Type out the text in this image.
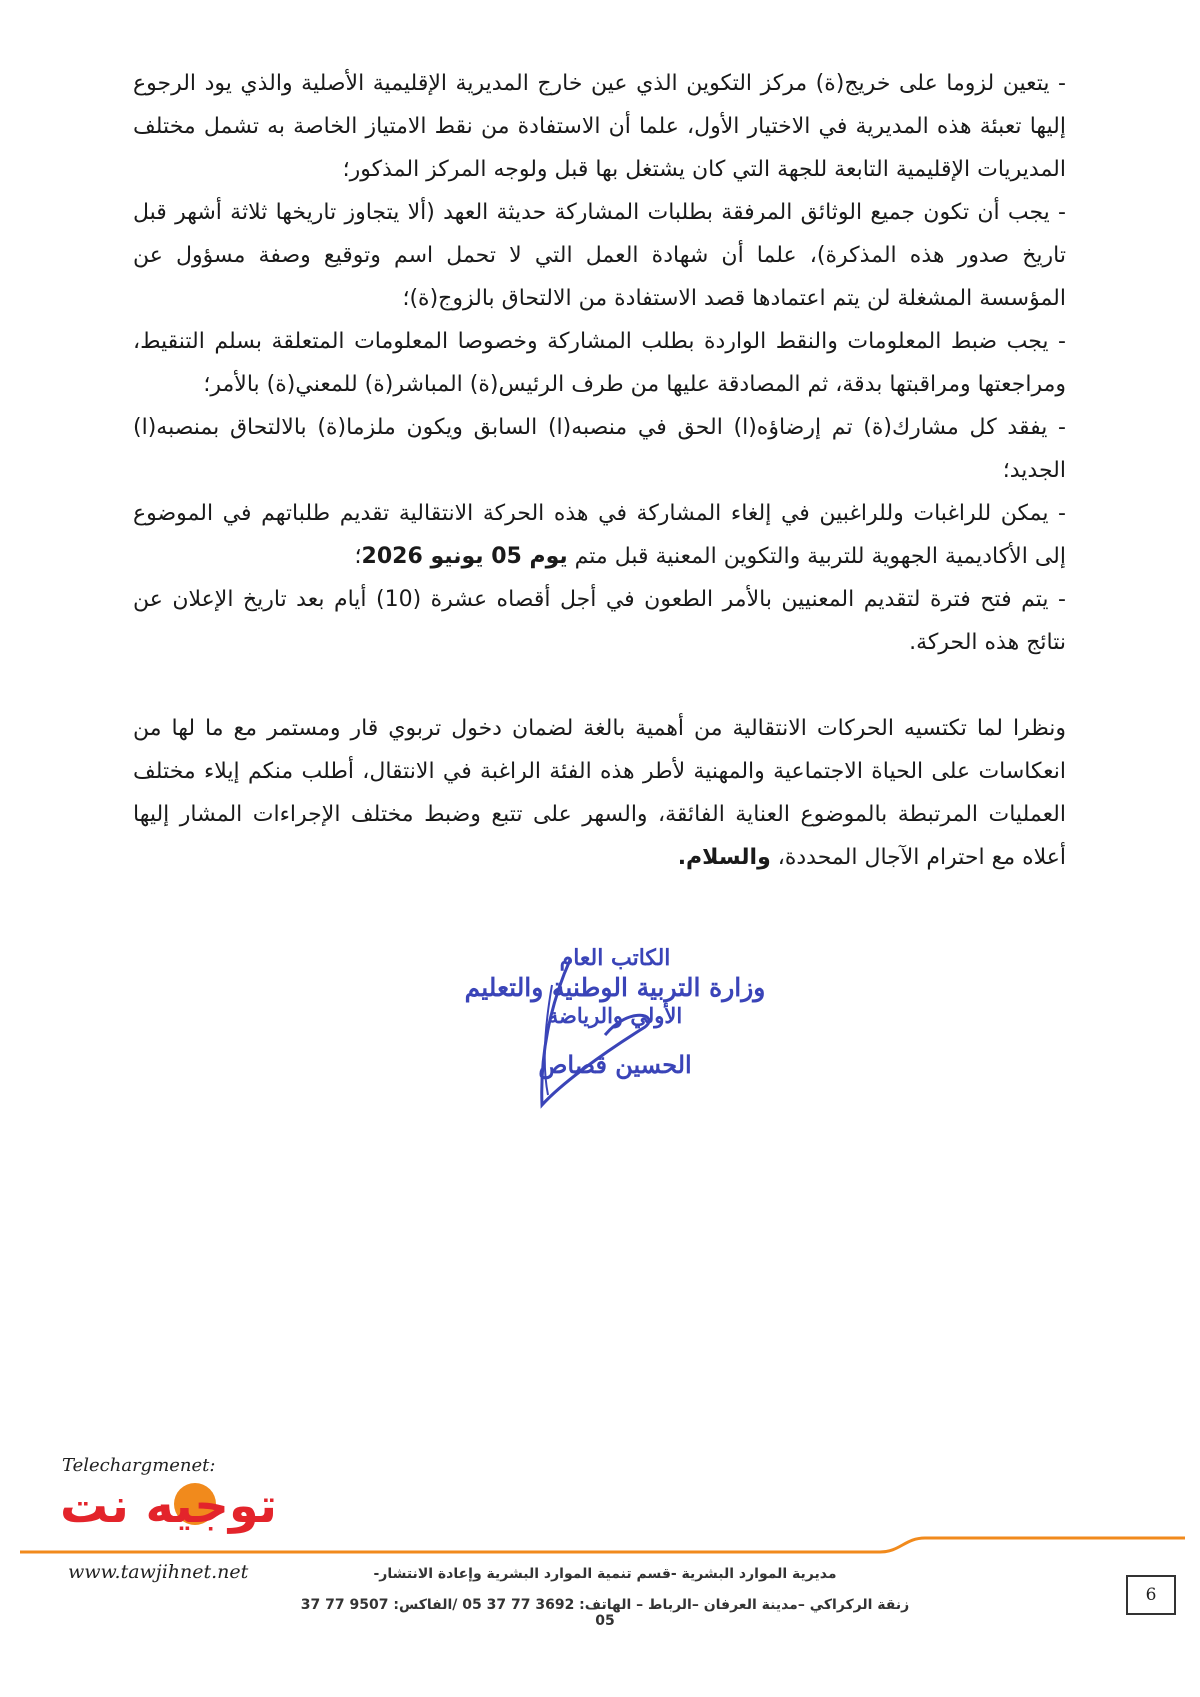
- يتعين لزوما على خريج(ة) مركز التكوين الذي عين خارج المديرية الإقليمية الأصلية والذي يود الرجوع إليها تعبئة هذه المديرية في الاختيار الأول، علما أن الاستفادة من نقط الامتياز الخاصة به تشمل مختلف المديريات الإقليمية التابعة للجهة التي كان يشتغل بها قبل ولوجه المركز المذكور؛

- يجب أن تكون جميع الوثائق المرفقة بطلبات المشاركة حديثة العهد (ألا يتجاوز تاريخها ثلاثة أشهر قبل تاريخ صدور هذه المذكرة)، علما أن شهادة العمل التي لا تحمل اسم وتوقيع وصفة مسؤول عن المؤسسة المشغلة لن يتم اعتمادها قصد الاستفادة من الالتحاق بالزوج(ة)؛

- يجب ضبط المعلومات والنقط الواردة بطلب المشاركة وخصوصا المعلومات المتعلقة بسلم التنقيط، ومراجعتها ومراقبتها بدقة، ثم المصادقة عليها من طرف الرئيس(ة) المباشر(ة) للمعني(ة) بالأمر؛

- يفقد كل مشارك(ة) تم إرضاؤه(ا) الحق في منصبه(ا) السابق ويكون ملزما(ة) بالالتحاق بمنصبه(ا) الجديد؛

- يمكن للراغبات وللراغبين في إلغاء المشاركة في هذه الحركة الانتقالية تقديم طلباتهم في الموضوع إلى الأكاديمية الجهوية للتربية والتكوين المعنية قبل متم يوم 05 يونيو 2026؛

- يتم فتح فترة لتقديم المعنيين بالأمر الطعون في أجل أقصاه عشرة (10) أيام بعد تاريخ الإعلان عن نتائج هذه الحركة.

ونظرا لما تكتسيه الحركات الانتقالية من أهمية بالغة لضمان دخول تربوي قار ومستمر مع ما لها من انعكاسات على الحياة الاجتماعية والمهنية لأطر هذه الفئة الراغبة في الانتقال، أطلب منكم إيلاء مختلف العمليات المرتبطة بالموضوع العناية الفائقة، والسهر على تتبع وضبط مختلف الإجراءات المشار إليها أعلاه مع احترام الآجال المحددة، والسلام.

الكاتب العام
وزارة التربية الوطنية والتعليم
الأولي والرياضة
الحسين قصاص
Telechargmenet:
توجيه نت
www.tawjihnet.net	مديرية الموارد البشرية -قسم تنمية الموارد البشرية وإعادة الانتشار-
زنقة الركراكي –مدينة العرفان –الرباط – الهاتف: 3692 77 37 05 /الفاكس: 9507 77 37 05
6
